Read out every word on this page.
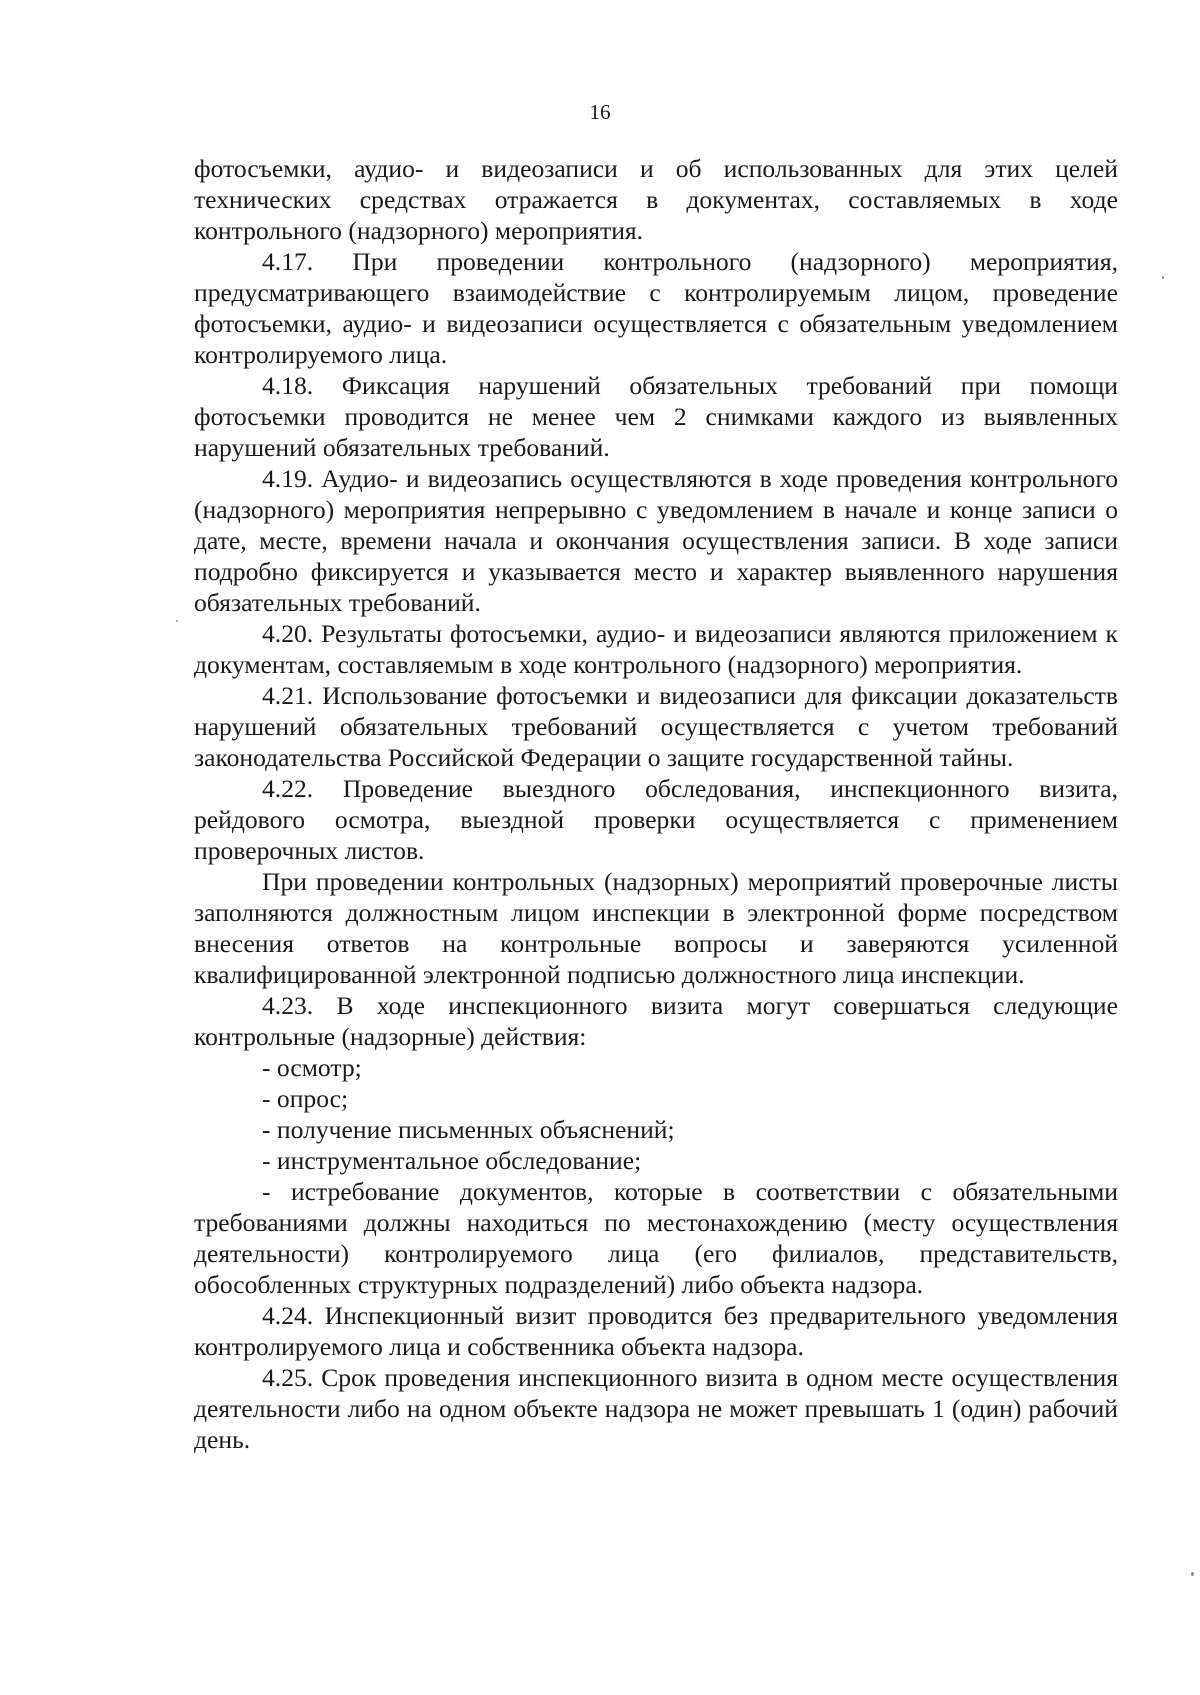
16

фотосъемки, аудио- и видеозаписи и об использованных для этих целей технических средствах отражается в документах, составляемых в ходе контрольного (надзорного) мероприятия.

4.17. При проведении контрольного (надзорного) мероприятия, предусматривающего взаимодействие с контролируемым лицом, проведение фотосъемки, аудио- и видеозаписи осуществляется с обязательным уведомлением контролируемого лица.

4.18. Фиксация нарушений обязательных требований при помощи фотосъемки проводится не менее чем 2 снимками каждого из выявленных нарушений обязательных требований.

4.19. Аудио- и видеозапись осуществляются в ходе проведения контрольного (надзорного) мероприятия непрерывно с уведомлением в начале и конце записи о дате, месте, времени начала и окончания осуществления записи. В ходе записи подробно фиксируется и указывается место и характер выявленного нарушения обязательных требований.

4.20. Результаты фотосъемки, аудио- и видеозаписи являются приложением к документам, составляемым в ходе контрольного (надзорного) мероприятия.

4.21. Использование фотосъемки и видеозаписи для фиксации доказательств нарушений обязательных требований осуществляется с учетом требований законодательства Российской Федерации о защите государственной тайны.

4.22. Проведение выездного обследования, инспекционного визита, рейдового осмотра, выездной проверки осуществляется с применением проверочных листов.

При проведении контрольных (надзорных) мероприятий проверочные листы заполняются должностным лицом инспекции в электронной форме посредством внесения ответов на контрольные вопросы и заверяются усиленной квалифицированной электронной подписью должностного лица инспекции.

4.23. В ходе инспекционного визита могут совершаться следующие контрольные (надзорные) действия:

- осмотр;

- опрос;

- получение письменных объяснений;

- инструментальное обследование;

- истребование документов, которые в соответствии с обязательными требованиями должны находиться по местонахождению (месту осуществления деятельности) контролируемого лица (его филиалов, представительств, обособленных структурных подразделений) либо объекта надзора.

4.24. Инспекционный визит проводится без предварительного уведомления контролируемого лица и собственника объекта надзора.

4.25. Срок проведения инспекционного визита в одном месте осуществления деятельности либо на одном объекте надзора не может превышать 1 (один) рабочий день.
